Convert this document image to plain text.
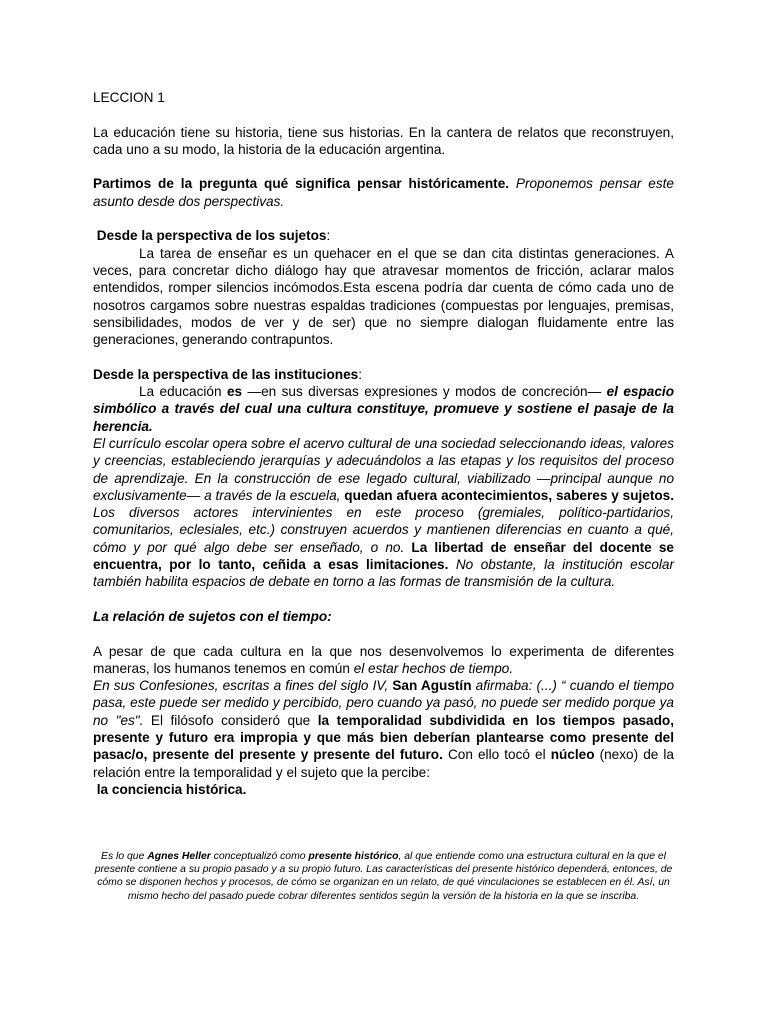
LECCION 1

La educación tiene su historia, tiene sus historias. En la cantera de relatos que reconstruyen, cada uno a su modo, la historia de la educación argentina.

Partimos de la pregunta qué significa pensar históricamente. Proponemos pensar este asunto desde dos perspectivas.

Desde la perspectiva de los sujetos:

La tarea de enseñar es un quehacer en el que se dan cita distintas generaciones. A veces, para concretar dicho diálogo hay que atravesar momentos de fricción, aclarar malos entendidos, romper silencios incómodos.Esta escena podría dar cuenta de cómo cada uno de nosotros cargamos sobre nuestras espaldas tradiciones (compuestas por lenguajes, premisas, sensibilidades, modos de ver y de ser) que no siempre dialogan fluidamente entre las generaciones, generando contrapuntos.

Desde la perspectiva de las instituciones:

La educación es —en sus diversas expresiones y modos de concreción— el espacio simbólico a través del cual una cultura constituye, promueve y sostiene el pasaje de la herencia.

El currículo escolar opera sobre el acervo cultural de una sociedad seleccionando ideas, valores y creencias, estableciendo jerarquías y adecuándolos a las etapas y los requisitos del proceso de aprendizaje. En la construcción de ese legado cultural, viabilizado —principal aunque no exclusivamente— a través de la escuela, quedan afuera acontecimientos, saberes y sujetos. Los diversos actores intervinientes en este proceso (gremiales, político-partidarios, comunitarios, eclesiales, etc.) construyen acuerdos y mantienen diferencias en cuanto a qué, cómo y por qué algo debe ser enseñado, o no. La libertad de enseñar del docente se encuentra, por lo tanto, ceñida a esas limitaciones. No obstante, la institución escolar también habilita espacios de debate en torno a las formas de transmisión de la cultura.

La relación de sujetos con el tiempo:

A pesar de que cada cultura en la que nos desenvolvemos lo experimenta de diferentes maneras, los humanos tenemos en común el estar hechos de tiempo.

En sus Confesiones, escritas a fines del siglo IV, San Agustín afirmaba: (...) “ cuando el tiempo pasa, este puede ser medido y percibido, pero cuando ya pasó, no puede ser medido porque ya no "es". El filósofo consideró que la temporalidad subdividida en los tiempos pasado, presente y futuro era impropia y que más bien deberían plantearse como presente del pasac/o, presente del presente y presente del futuro. Con ello tocó el núcleo (nexo) de la relación entre la temporalidad y el sujeto que la percibe:

la conciencia histórica.

Es lo que Agnes Heller conceptualizó como presente histórico, al que entiende como una estructura cultural en la que el presente contiene a su propio pasado y a su propio futuro. Las características del presente histórico dependerá, entonces, de cómo se disponen hechos y procesos, de cómo se organizan en un relato, de qué vinculaciones se establecen en él. Así, un mismo hecho del pasado puede cobrar diferentes sentidos según la versión de la historia en la que se inscriba.
